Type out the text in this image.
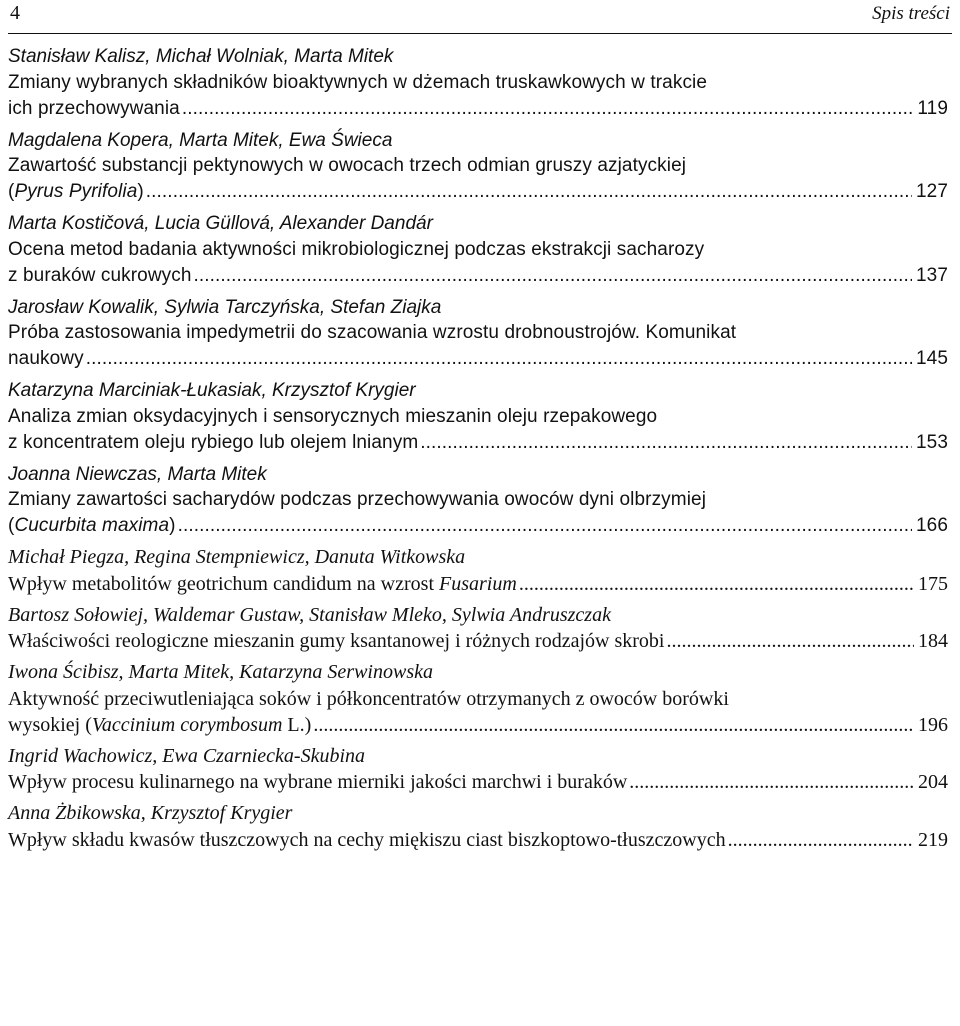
4	Spis treści
Stanisław Kalisz, Michał Wolniak, Marta Mitek
Zmiany wybranych składników bioaktywnych w dżemach truskawkowych w trakcie
ich przechowywania .....	119
Magdalena Kopera, Marta Mitek, Ewa Świeca
Zawartość substancji pektynowych w owocach trzech odmian gruszy azjatyckiej
(Pyrus Pyrifolia) .....	127
Marta Kostičová, Lucia Güllová, Alexander Dandár
Ocena metod badania aktywności mikrobiologicznej podczas ekstrakcji sacharozy
z buraków cukrowych .....	137
Jarosław Kowalik, Sylwia Tarczyńska, Stefan Ziajka
Próba zastosowania impedymetrii do szacowania wzrostu drobnoustrojów. Komunikat
naukowy .....	145
Katarzyna Marciniak-Łukasiak, Krzysztof Krygier
Analiza zmian oksydacyjnych i sensorycznych mieszanin oleju rzepakowego
z koncentratem oleju rybiego lub olejem lnianym .....	153
Joanna Niewczas, Marta Mitek
Zmiany zawartości sacharydów podczas przechowywania owoców dyni olbrzymiej
(Cucurbita maxima) .....	166
Michał Piegza, Regina Stempniewicz, Danuta Witkowska
Wpływ metabolitów geotrichum candidum na wzrost Fusarium .....	175
Bartosz Sołowiej, Waldemar Gustaw, Stanisław Mleko, Sylwia Andruszczak
Właściwości reologiczne mieszanin gumy ksantanowej i różnych rodzajów skrobi .....	184
Iwona Ścibisz, Marta Mitek, Katarzyna Serwinowska
Aktywność przeciwutleniająca soków i półkoncentratów otrzymanych z owoców borówki
wysokiej (Vaccinium corymbosum L.) .....	196
Ingrid Wachowicz, Ewa Czarniecka-Skubina
Wpływ procesu kulinarnego na wybrane mierniki jakości marchwi i buraków .....	204
Anna Żbikowska, Krzysztof Krygier
Wpływ składu kwasów tłuszczowych na cechy miękiszu ciast biszkoptowo-tłuszczowych .....	219
